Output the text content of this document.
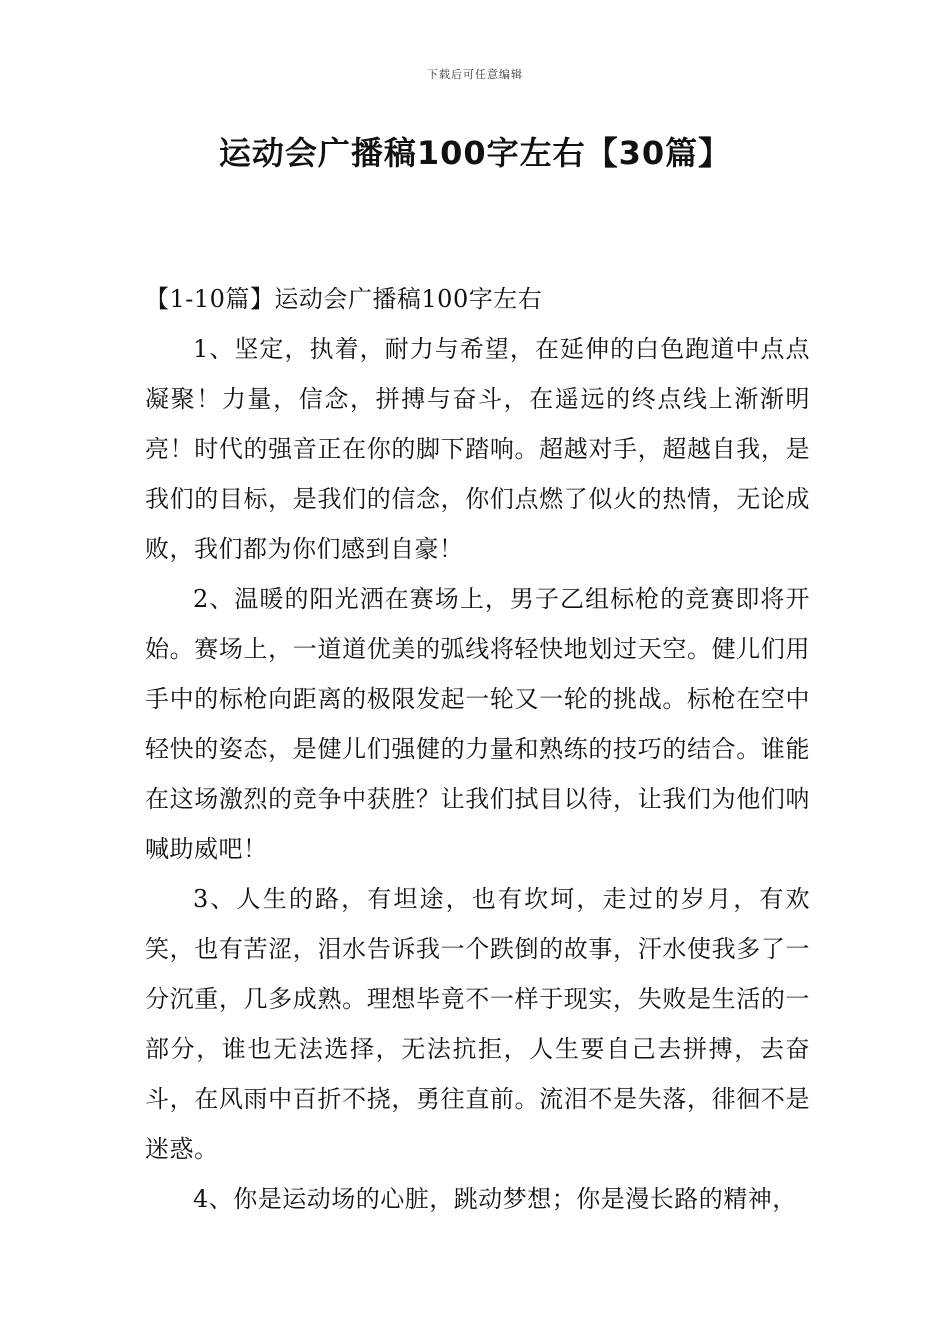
下载后可任意编辑
运动会广播稿100字左右【30篇】

【1-10篇】运动会广播稿100字左右

1、坚定，执着，耐力与希望，在延伸的白色跑道中点点凝聚！力量，信念，拼搏与奋斗，在遥远的终点线上渐渐明亮！时代的强音正在你的脚下踏响。超越对手，超越自我，是我们的目标，是我们的信念，你们点燃了似火的热情，无论成败，我们都为你们感到自豪！

2、温暖的阳光洒在赛场上，男子乙组标枪的竞赛即将开始。赛场上，一道道优美的弧线将轻快地划过天空。健儿们用手中的标枪向距离的极限发起一轮又一轮的挑战。标枪在空中轻快的姿态，是健儿们强健的力量和熟练的技巧的结合。谁能在这场激烈的竞争中获胜？让我们拭目以待，让我们为他们呐喊助威吧！

3、人生的路，有坦途，也有坎坷，走过的岁月，有欢笑，也有苦涩，泪水告诉我一个跌倒的故事，汗水使我多了一分沉重，几多成熟。理想毕竟不一样于现实，失败是生活的一部分，谁也无法选择，无法抗拒，人生要自己去拼搏，去奋斗，在风雨中百折不挠，勇往直前。流泪不是失落，徘徊不是迷惑。

4、你是运动场的心脏，跳动梦想；你是漫长路的精神，
